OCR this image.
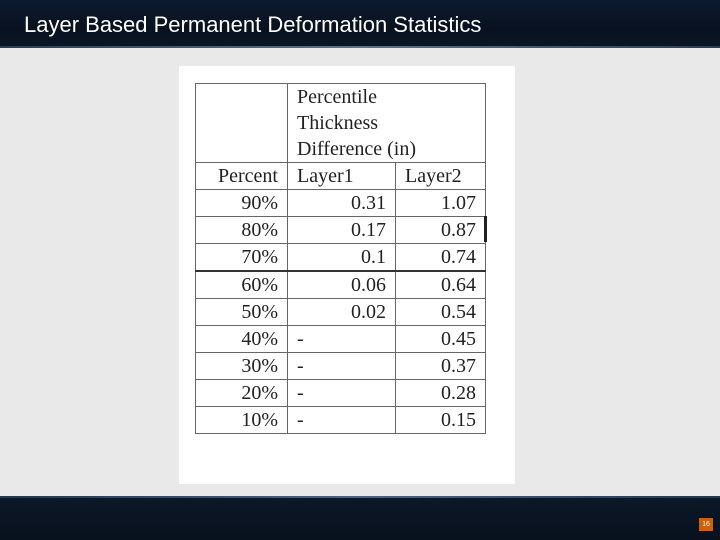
Layer Based Permanent Deformation Statistics

	Percentile
Thickness
Difference (in)	

Percent	Layer1	Layer2
90%	0.31	1.07
80%	0.17	0.87
70%	0.1	0.74
60%	0.06	0.64
50%	0.02	0.54
40%	-	0.45
30%	-	0.37
20%	-	0.28
10%	-	0.15
16
